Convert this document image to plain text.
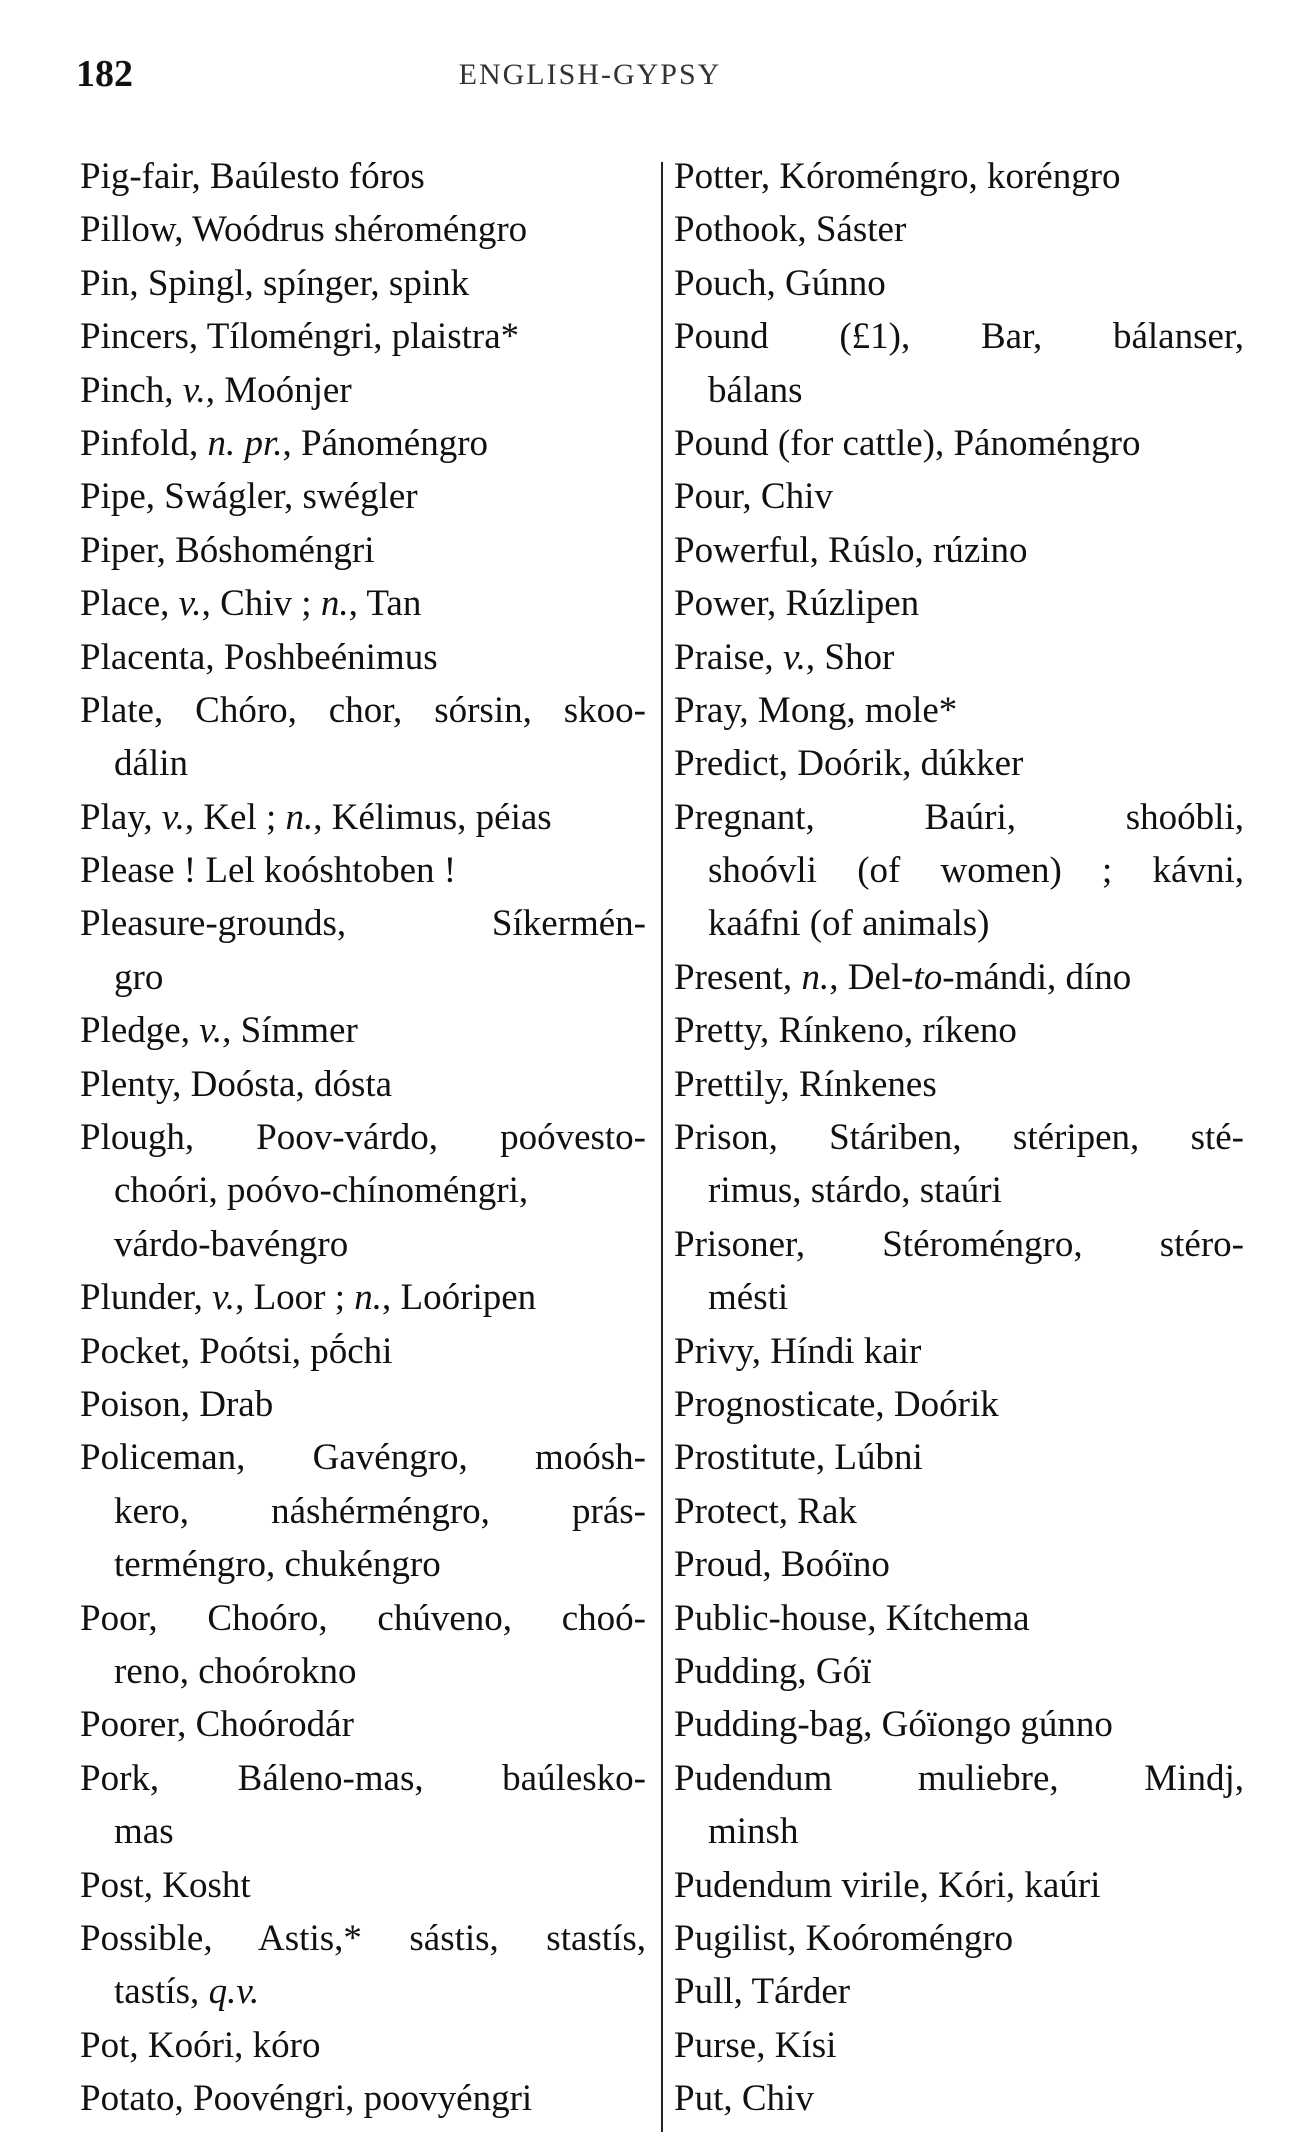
182	ENGLISH-GYPSY
Pig-fair, Baúlesto fóros
Pillow, Woódrus shéroméngro
Pin, Spingl, spínger, spink
Pincers, Tíloméngri, plaistra*
Pinch, v., Moónjer
Pinfold, n. pr., Pánoméngro
Pipe, Swágler, swégler
Piper, Bóshoméngri
Place, v., Chiv ; n., Tan
Placenta, Poshbeénimus
Plate, Chóro, chor, sórsin, skoo-
dálin
Play, v., Kel ; n., Kélimus, péias
Please ! Lel koóshtoben !
Pleasure-grounds, Síkermén-
gro
Pledge, v., Símmer
Plenty, Doósta, dósta
Plough, Poov-várdo, poóvesto-
choóri, poóvo-chínoméngri,
várdo-bavéngro
Plunder, v., Loor ; n., Loóripen
Pocket, Poótsi, pṓchi
Poison, Drab
Policeman, Gavéngro, moósh-
kero, náshérméngro, prás-
terméngro, chukéngro
Poor, Choóro, chúveno, choó-
reno, choórokno
Poorer, Choórodár
Pork, Báleno-mas, baúlesko-
mas
Post, Kosht
Possible, Astis,* sástis, stastís,
tastís, q.v.
Pot, Koóri, kóro
Potato, Poovéngri, poovyéngri
Potter, Kóroméngro, koréngro
Pothook, Sáster
Pouch, Gúnno
Pound (£1), Bar, bálanser,
bálans
Pound (for cattle), Pánoméngro
Pour, Chiv
Powerful, Rúslo, rúzino
Power, Rúzlipen
Praise, v., Shor
Pray, Mong, mole*
Predict, Doórik, dúkker
Pregnant, Baúri, shoóbli,
shoóvli (of women) ; kávni,
kaáfni (of animals)
Present, n., Del-to-mándi, díno
Pretty, Rínkeno, ríkeno
Prettily, Rínkenes
Prison, Stáriben, stéripen, sté-
rimus, stárdo, staúri
Prisoner, Stéroméngro, stéro-
mésti
Privy, Híndi kair
Prognosticate, Doórik
Prostitute, Lúbni
Protect, Rak
Proud, Boóïno
Public-house, Kítchema
Pudding, Góï
Pudding-bag, Góïongo gúnno
Pudendum muliebre, Mindj,
minsh
Pudendum virile, Kóri, kaúri
Pugilist, Koóroméngro
Pull, Tárder
Purse, Kísi
Put, Chiv
